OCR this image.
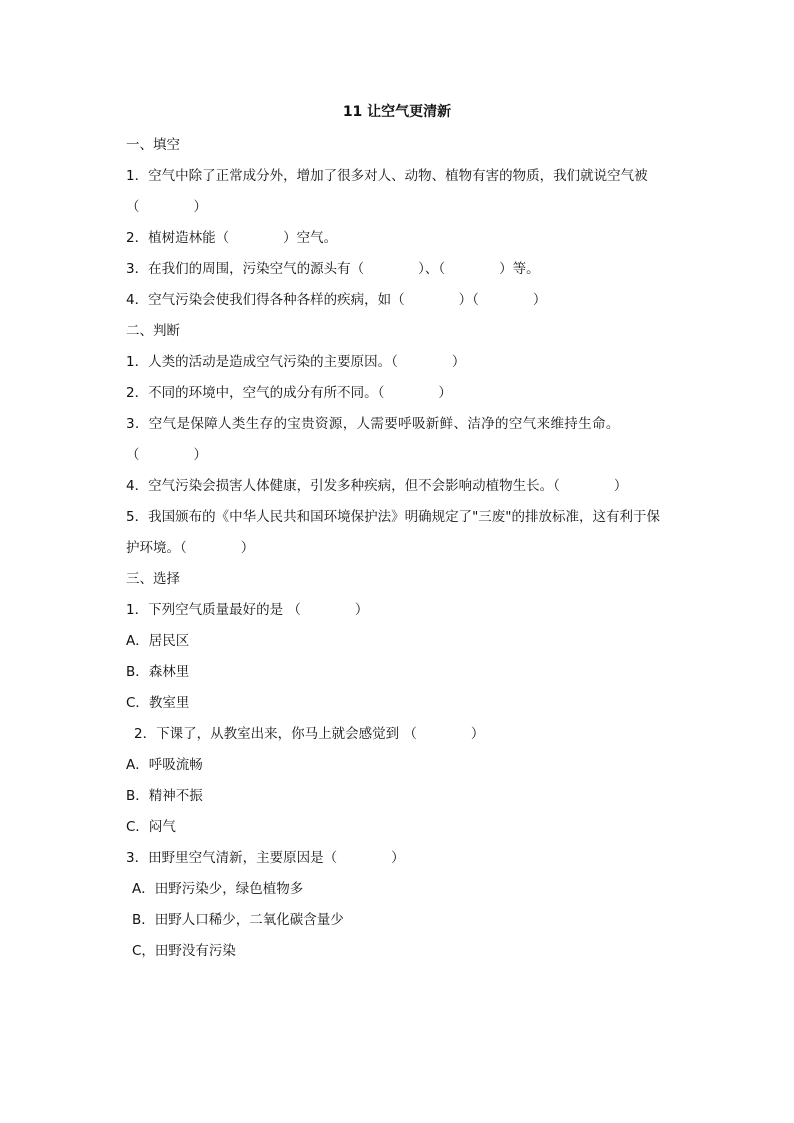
11 让空气更清新

一、填空

1．空气中除了正常成分外，增加了很多对人、动物、植物有害的物质，我们就说空气被

（　　　　）

2．植树造林能（　　　　）空气。

3．在我们的周围，污染空气的源头有（　　　　）、（　　　　）等。

4．空气污染会使我们得各种各样的疾病，如（　　　　）（　　　　）

二、判断

1．人类的活动是造成空气污染的主要原因。（　　　　）

2．不同的环境中，空气的成分有所不同。（　　　　）

3．空气是保障人类生存的宝贵资源，人需要呼吸新鲜、洁净的空气来维持生命。

（　　　　）

4．空气污染会损害人体健康，引发多种疾病，但不会影响动植物生长。（　　　　）

5．我国颁布的《中华人民共和国环境保护法》明确规定了"三废"的排放标准，这有利于保

护环境。（　　　　）

三、选择

1．下列空气质量最好的是 （　　　　）

A．居民区

B．森林里

C．教室里

2．下课了，从教室出来，你马上就会感觉到 （　　　　）

A．呼吸流畅

B．精神不振

C．闷气

3．田野里空气清新，主要原因是（　　　　）

A．田野污染少，绿色植物多

B．田野人口稀少，二氧化碳含量少

C，田野没有污染
